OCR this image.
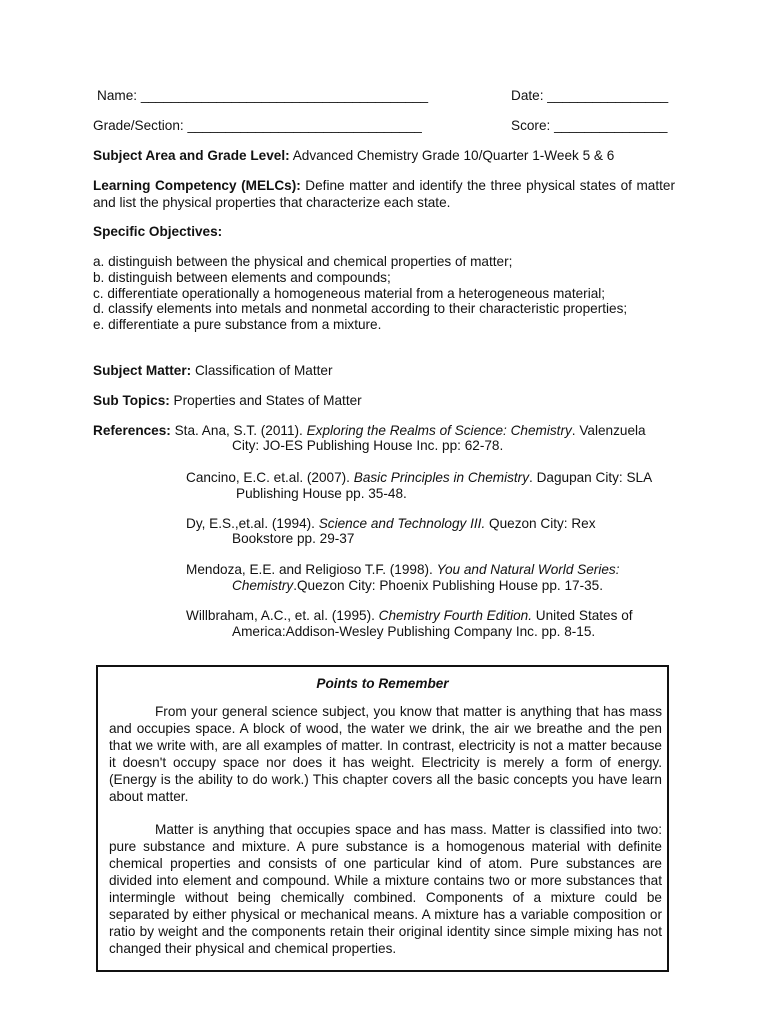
Name: ______________________________________	Date: ________________
Grade/Section: _______________________________	Score: _______________
Subject Area and Grade Level: Advanced Chemistry Grade 10/Quarter 1-Week 5 & 6
Learning Competency (MELCs): Define matter and identify the three physical states of matter and list the physical properties that characterize each state.
Specific Objectives:
a. distinguish between the physical and chemical properties of matter;
b. distinguish between elements and compounds;
c. differentiate operationally a homogeneous material from a heterogeneous material;
d. classify elements into metals and nonmetal according to their characteristic properties;
e. differentiate a pure substance from a mixture.
Subject Matter: Classification of Matter
Sub Topics: Properties and States of Matter
References: Sta. Ana, S.T. (2011). Exploring the Realms of Science: Chemistry. Valenzuela
City: JO-ES Publishing House Inc. pp: 62-78.
Cancino, E.C. et.al. (2007). Basic Principles in Chemistry. Dagupan City: SLA
Publishing House pp. 35-48.
Dy, E.S.,et.al. (1994). Science and Technology III. Quezon City: Rex
Bookstore pp. 29-37
Mendoza, E.E. and Religioso T.F. (1998). You and Natural World Series:
Chemistry.Quezon City: Phoenix Publishing House pp. 17-35.
Willbraham, A.C., et. al. (1995). Chemistry Fourth Edition. United States of
America:Addison-Wesley Publishing Company Inc. pp. 8-15.
Points to Remember
From your general science subject, you know that matter is anything that has mass and occupies space. A block of wood, the water we drink, the air we breathe and the pen that we write with, are all examples of matter. In contrast, electricity is not a matter because it doesn't occupy space nor does it has weight. Electricity is merely a form of energy. (Energy is the ability to do work.) This chapter covers all the basic concepts you have learn about matter.
Matter is anything that occupies space and has mass. Matter is classified into two: pure substance and mixture. A pure substance is a homogenous material with definite chemical properties and consists of one particular kind of atom. Pure substances are divided into element and compound. While a mixture contains two or more substances that intermingle without being chemically combined. Components of a mixture could be separated by either physical or mechanical means. A mixture has a variable composition or ratio by weight and the components retain their original identity since simple mixing has not changed their physical and chemical properties.
